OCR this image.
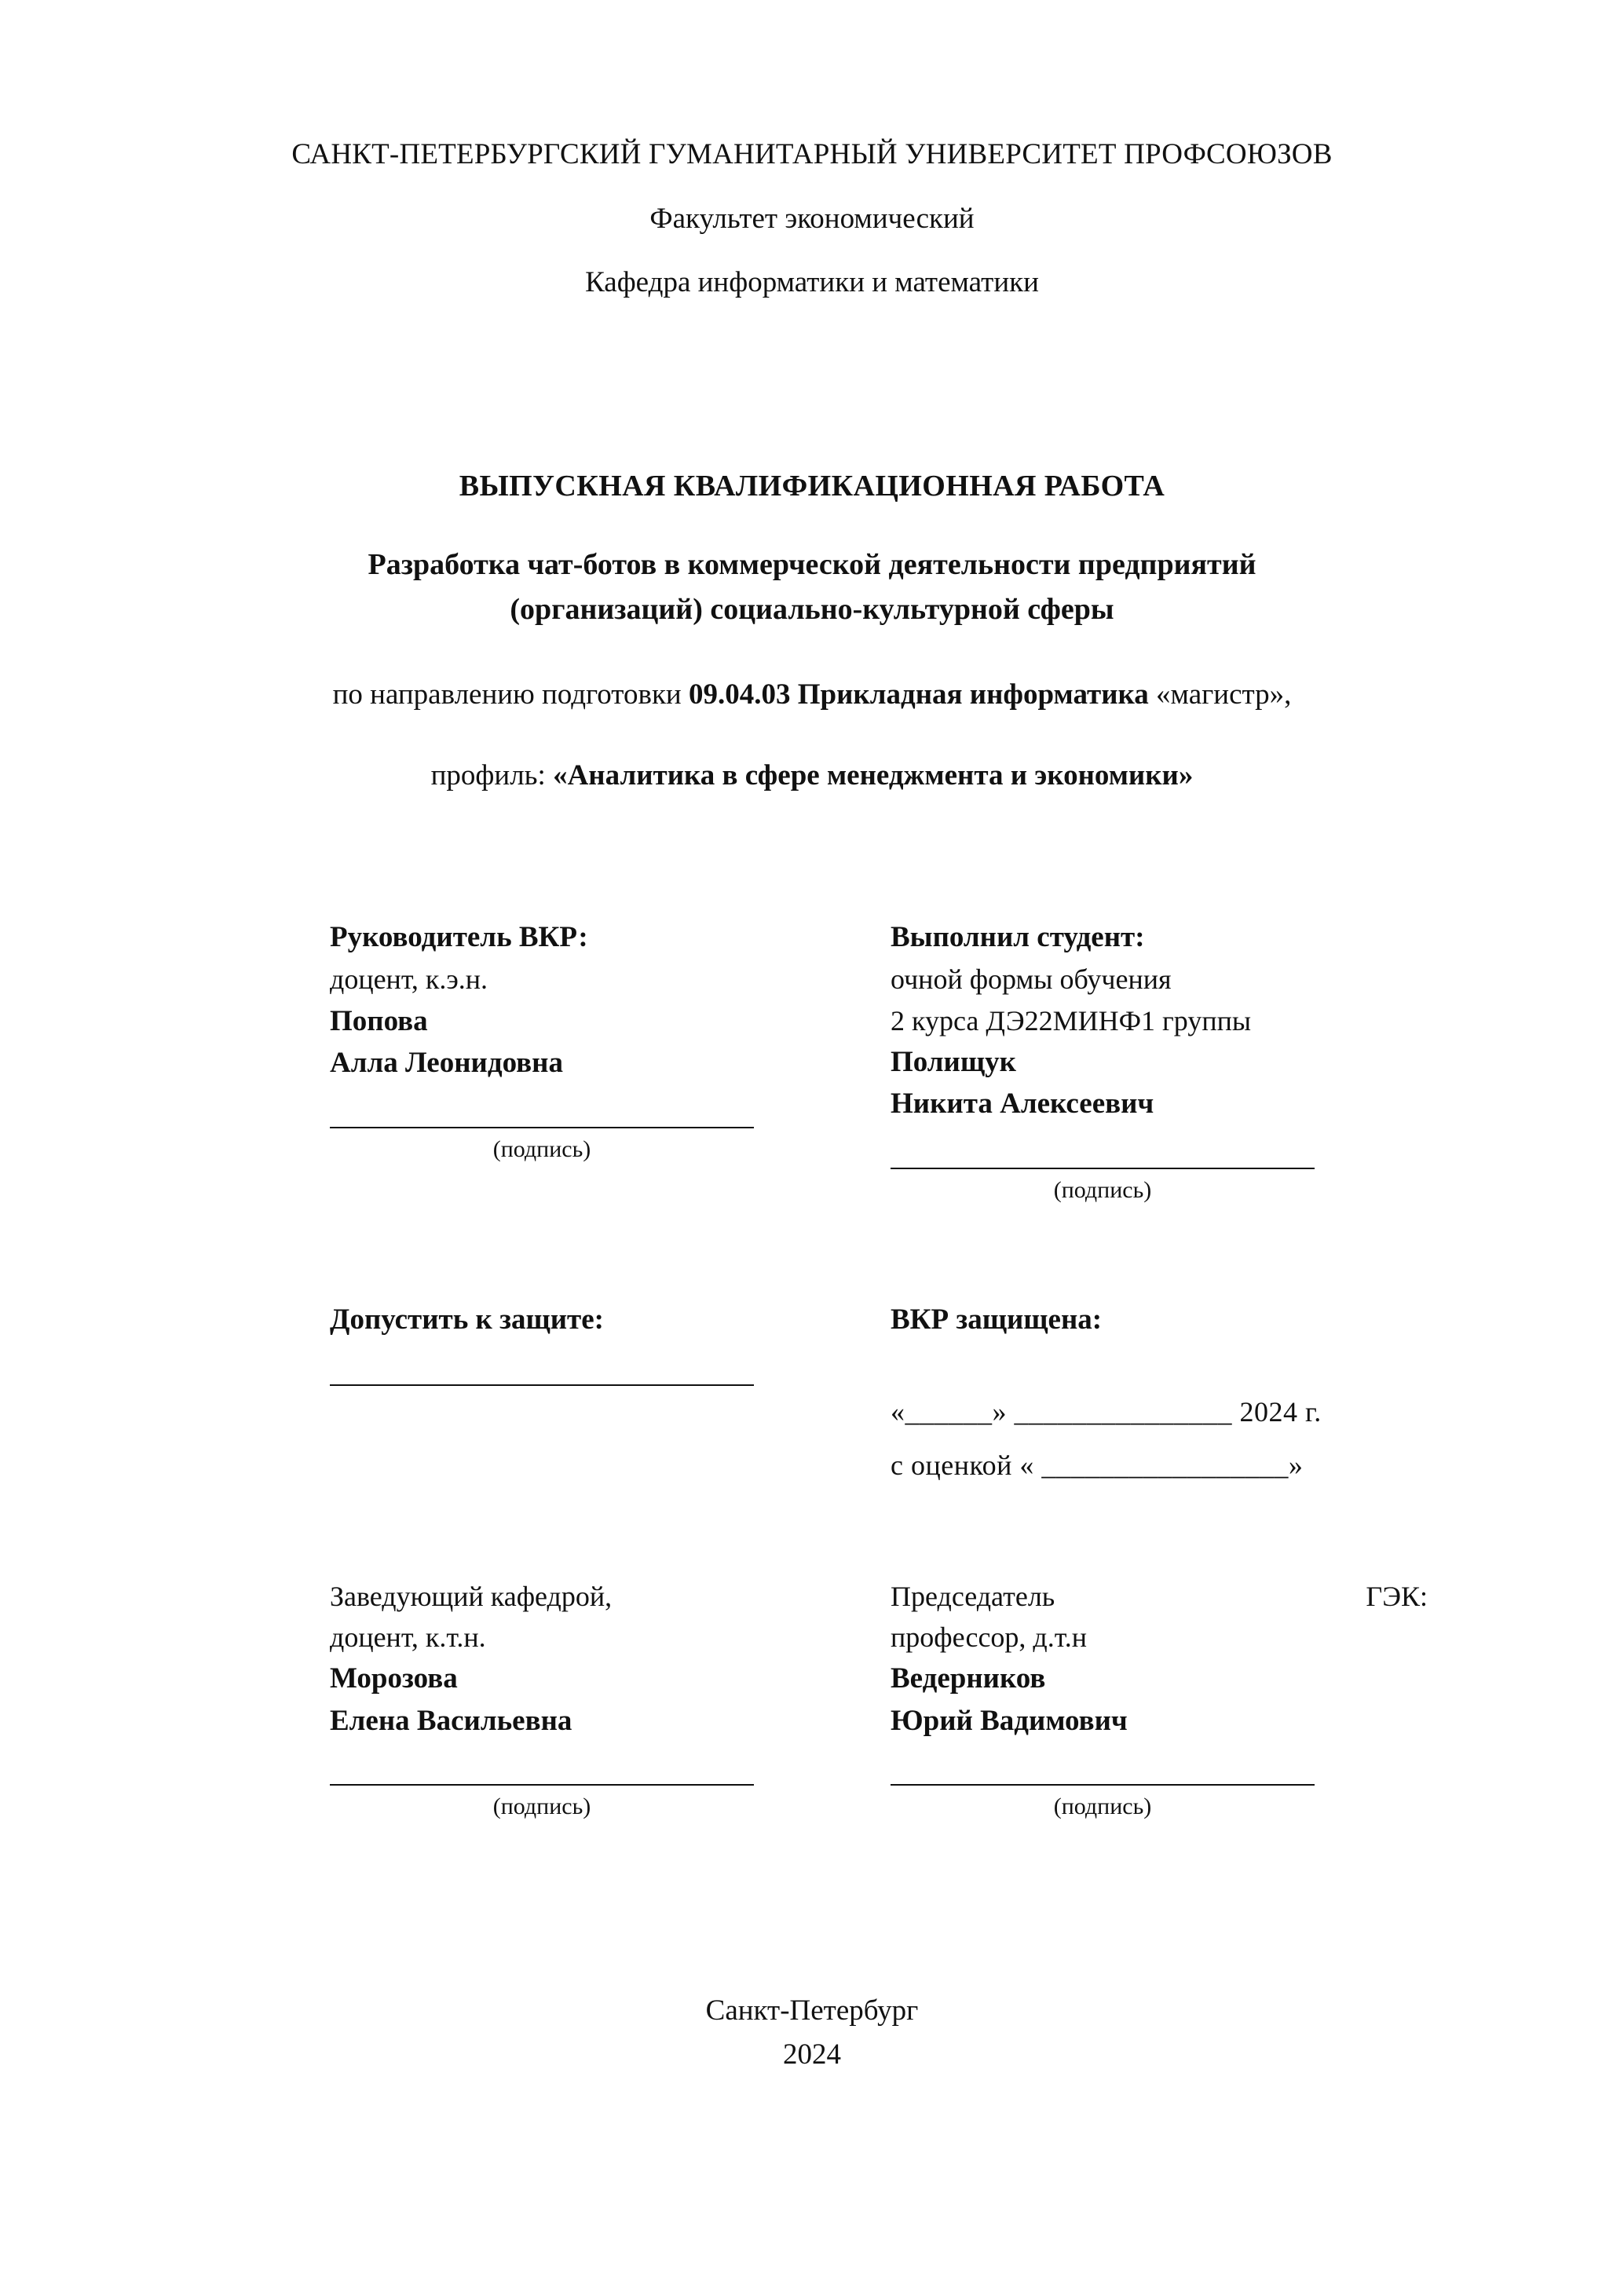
САНКТ-ПЕТЕРБУРГСКИЙ ГУМАНИТАРНЫЙ УНИВЕРСИТЕТ ПРОФСОЮЗОВ
Факультет экономический
Кафедра информатики и математики
ВЫПУСКНАЯ КВАЛИФИКАЦИОННАЯ РАБОТА
Разработка чат-ботов в коммерческой деятельности предприятий (организаций) социально-культурной сферы
по направлению подготовки 09.04.03 Прикладная информатика «магистр»,
профиль: «Аналитика в сфере менеджмента и экономики»
Руководитель ВКР:
доцент, к.э.н.
Попова
Алла Леонидовна
(подпись)
Выполнил студент:
очной формы обучения
2 курса ДЭ22МИНФ1 группы
Полищук
Никита Алексеевич
(подпись)
Допустить к защите:	ВКР защищена:
«______» _______________ 2024 г.
с оценкой « _________________»
Заведующий кафедрой,
доцент, к.т.н.
Морозова
Елена Васильевна
(подпись)
Председатель	ГЭК:
профессор, д.т.н
Ведерников
Юрий Вадимович
(подпись)
Санкт-Петербург
2024
